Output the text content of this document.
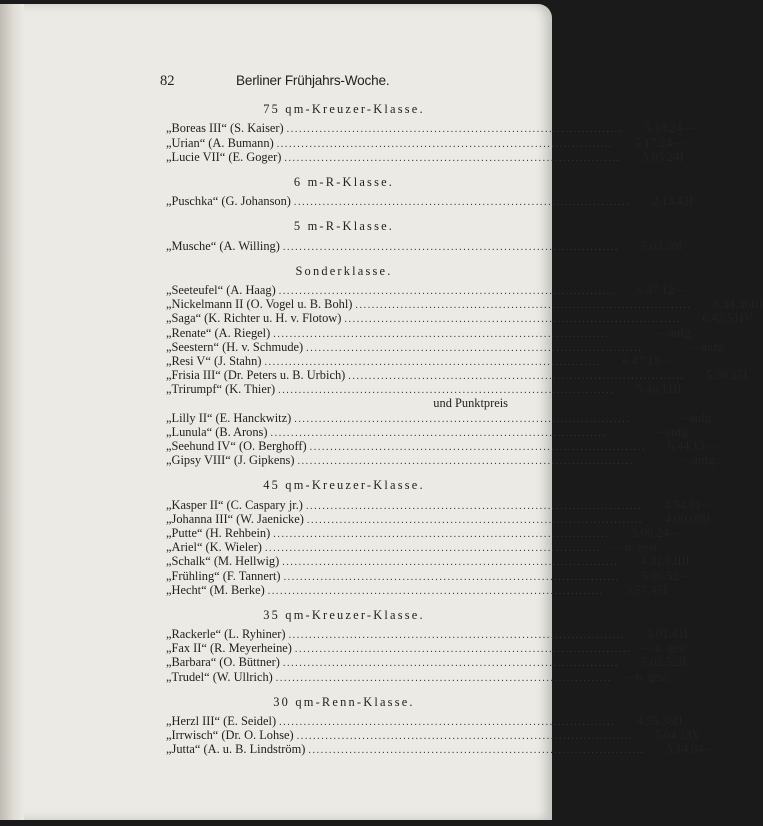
82	Berliner Frühjahrs-Woche.
75 qm-Kreuzer-Klasse.
„Boreas III“ (S. Kaiser) ..................................................................................	5.18.24 —
„Urian“ (A. Bumann) ..................................................................................	5.17.24 —
„Lucie VII“ (E. Goger) ..................................................................................	5.05.24 I
6 m-R-Klasse.
„Puschka“ (G. Johanson) ..................................................................................	2.13.43 I
5 m-R-Klasse.
„Musche“ (A. Willing) ..................................................................................	5.03.30 I
Sonderklasse.
„Seeteufel“ (A. Haag) ..................................................................................	.6.47.12 —
„Nickelmann II (O. Vogel u. B. Bohl) ..................................................................................	6.34.36 III
„Saga“ (K. Richter u. H. v. Flotow) ..................................................................................	6.42.51 IV
„Renate“ (A. Riegel) ..................................................................................	— aufg.
„Seestern“ (H. v. Schmude) ..................................................................................	— aufg.
„Resi V“ (J. Stahn) ..................................................................................	6.47.13 —
„Frisia III“ (Dr. Peters u. B. Urbich) ..................................................................................	5.30.15 I
„Trirumpf“ (K. Thier) ..................................................................................	5.46.11 II
und Punktpreis
„Lilly II“ (E. Hanckwitz) ..................................................................................	— aufg.
„Lunula“ (B. Arons) ..................................................................................	— aufg.
„Seehund IV“ (O. Berghoff) ..................................................................................	6.44.13 —
„Gipsy VIII“ (J. Gipkens) ..................................................................................	— aufg.
45 qm-Kreuzer-Klasse.
„Kasper II“ (C. Caspary jr.) ..................................................................................	4.54.31 —
„Johanna III“ (W. Jaenicke) ..................................................................................	4.00.09 II
„Putte“ (H. Rehbein) ..................................................................................	5.06.24 —
„Ariel“ (K. Wieler) .................................................................................. — n. gest.
„Schalk“ (M. Hellwig) ..................................................................................	4.31.33 III
„Frühling“ (F. Tannert) ..................................................................................	5.06.52 —
„Hecht“ (M. Berke) ..................................................................................	3.57.45 I
35 qm-Kreuzer-Klasse.
„Rackerle“ (L. Ryhiner) ..................................................................................	5.01.41 I
„Fax II“ (R. Meyerheine) .................................................................................. — n. gest.
„Barbara“ (O. Büttner) ..................................................................................	5.02.52 II
„Trudel“ (W. Ullrich) .................................................................................. — n. gest.
30 qm-Renn-Klasse.
„Herzl III“ (E. Seidel) ..................................................................................	4.55.36 II
„Irrwisch“ (Dr. O. Lohse) ..................................................................................	5.04.13 V
„Jutta“ (A. u. B. Lindström) ..................................................................................	5.14.04 —
